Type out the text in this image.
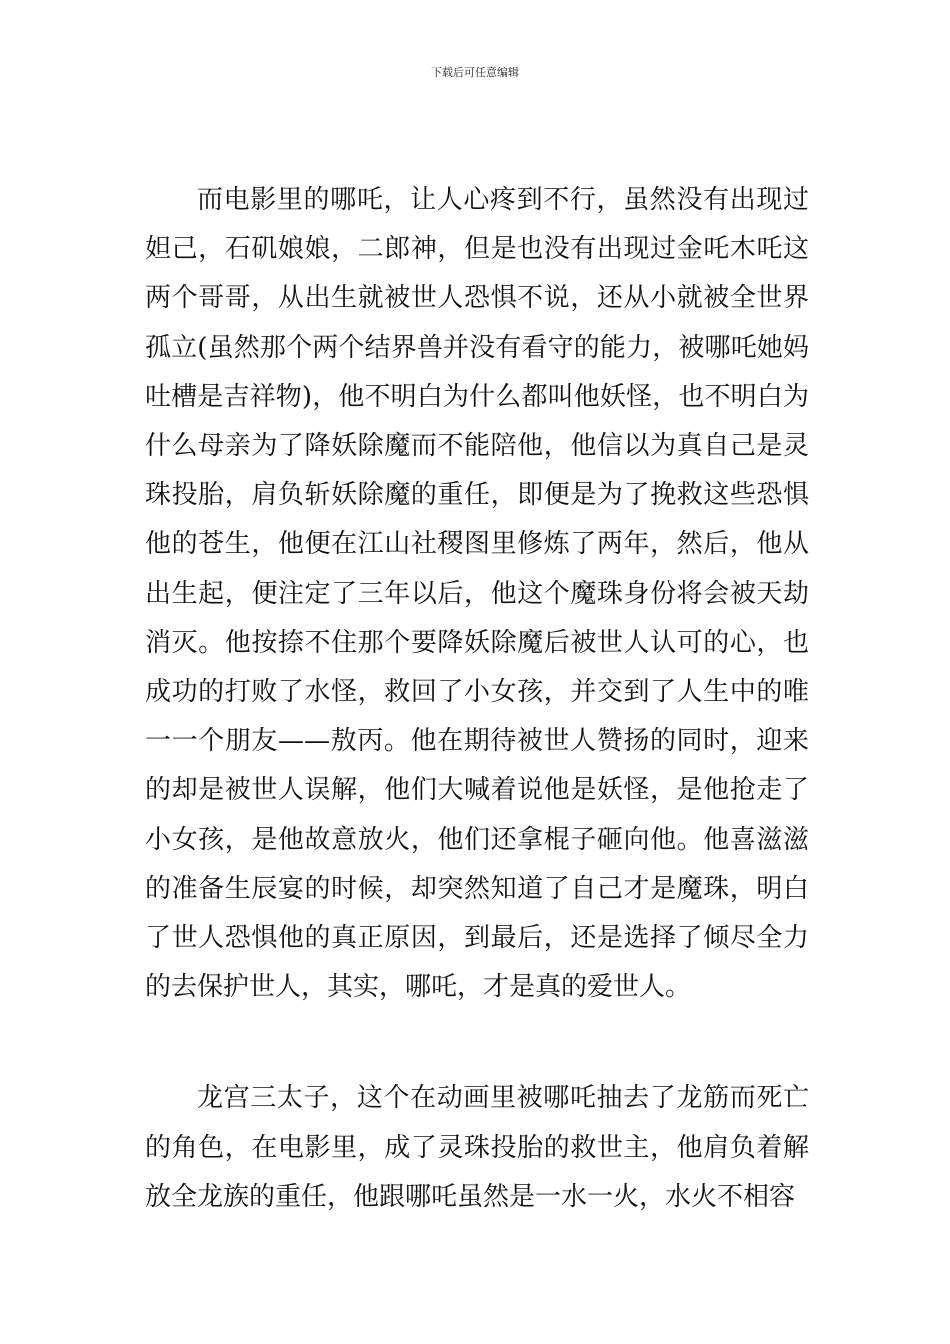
下载后可任意编辑

而电影里的哪吒，让人心疼到不行，虽然没有出现过妲己，石矶娘娘，二郎神，但是也没有出现过金吒木吒这两个哥哥，从出生就被世人恐惧不说，还从小就被全世界孤立(虽然那个两个结界兽并没有看守的能力，被哪吒她妈吐槽是吉祥物)，他不明白为什么都叫他妖怪，也不明白为什么母亲为了降妖除魔而不能陪他，他信以为真自己是灵珠投胎，肩负斩妖除魔的重任，即便是为了挽救这些恐惧他的苍生，他便在江山社稷图里修炼了两年，然后，他从出生起，便注定了三年以后，他这个魔珠身份将会被天劫消灭。他按捺不住那个要降妖除魔后被世人认可的心，也成功的打败了水怪，救回了小女孩，并交到了人生中的唯一一个朋友——敖丙。他在期待被世人赞扬的同时，迎来的却是被世人误解，他们大喊着说他是妖怪，是他抢走了小女孩，是他故意放火，他们还拿棍子砸向他。他喜滋滋的准备生辰宴的时候，却突然知道了自己才是魔珠，明白了世人恐惧他的真正原因，到最后，还是选择了倾尽全力的去保护世人，其实，哪吒，才是真的爱世人。

龙宫三太子，这个在动画里被哪吒抽去了龙筋而死亡的角色，在电影里，成了灵珠投胎的救世主，他肩负着解放全龙族的重任，他跟哪吒虽然是一水一火，水火不相容
